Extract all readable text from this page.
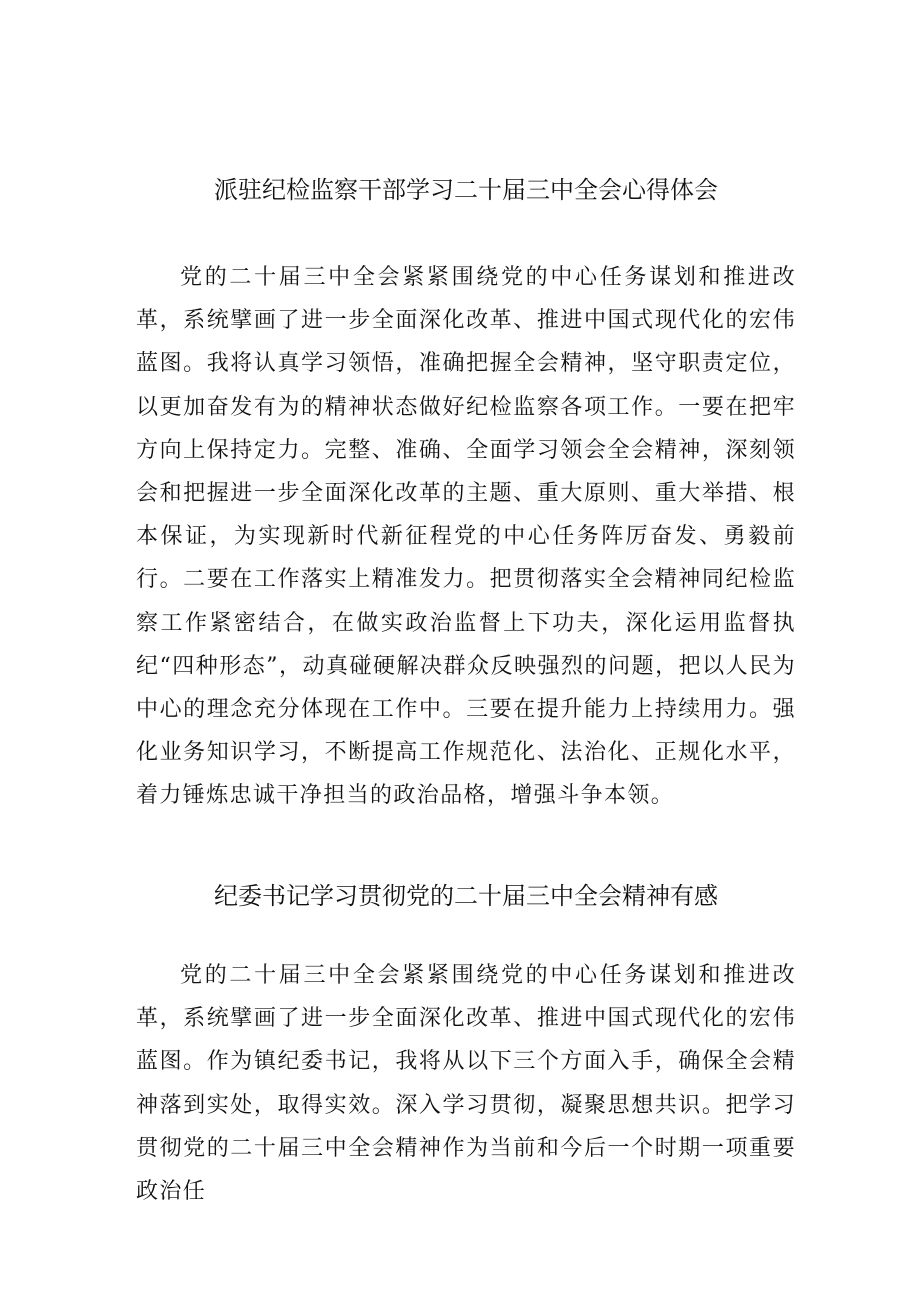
派驻纪检监察干部学习二十届三中全会心得体会

党的二十届三中全会紧紧围绕党的中心任务谋划和推进改革，系统擘画了进一步全面深化改革、推进中国式现代化的宏伟蓝图。我将认真学习领悟，准确把握全会精神，坚守职责定位，以更加奋发有为的精神状态做好纪检监察各项工作。一要在把牢方向上保持定力。完整、准确、全面学习领会全会精神，深刻领会和把握进一步全面深化改革的主题、重大原则、重大举措、根本保证，为实现新时代新征程党的中心任务阵厉奋发、勇毅前行。二要在工作落实上精准发力。把贯彻落实全会精神同纪检监察工作紧密结合，在做实政治监督上下功夫，深化运用监督执纪“四种形态”，动真碰硬解决群众反映强烈的问题，把以人民为中心的理念充分体现在工作中。三要在提升能力上持续用力。强化业务知识学习，不断提高工作规范化、法治化、正规化水平，着力锤炼忠诚干净担当的政治品格，增强斗争本领。

纪委书记学习贯彻党的二十届三中全会精神有感

党的二十届三中全会紧紧围绕党的中心任务谋划和推进改革，系统擘画了进一步全面深化改革、推进中国式现代化的宏伟蓝图。作为镇纪委书记，我将从以下三个方面入手，确保全会精神落到实处，取得实效。深入学习贯彻，凝聚思想共识。把学习贯彻党的二十届三中全会精神作为当前和今后一个时期一项重要政治任
